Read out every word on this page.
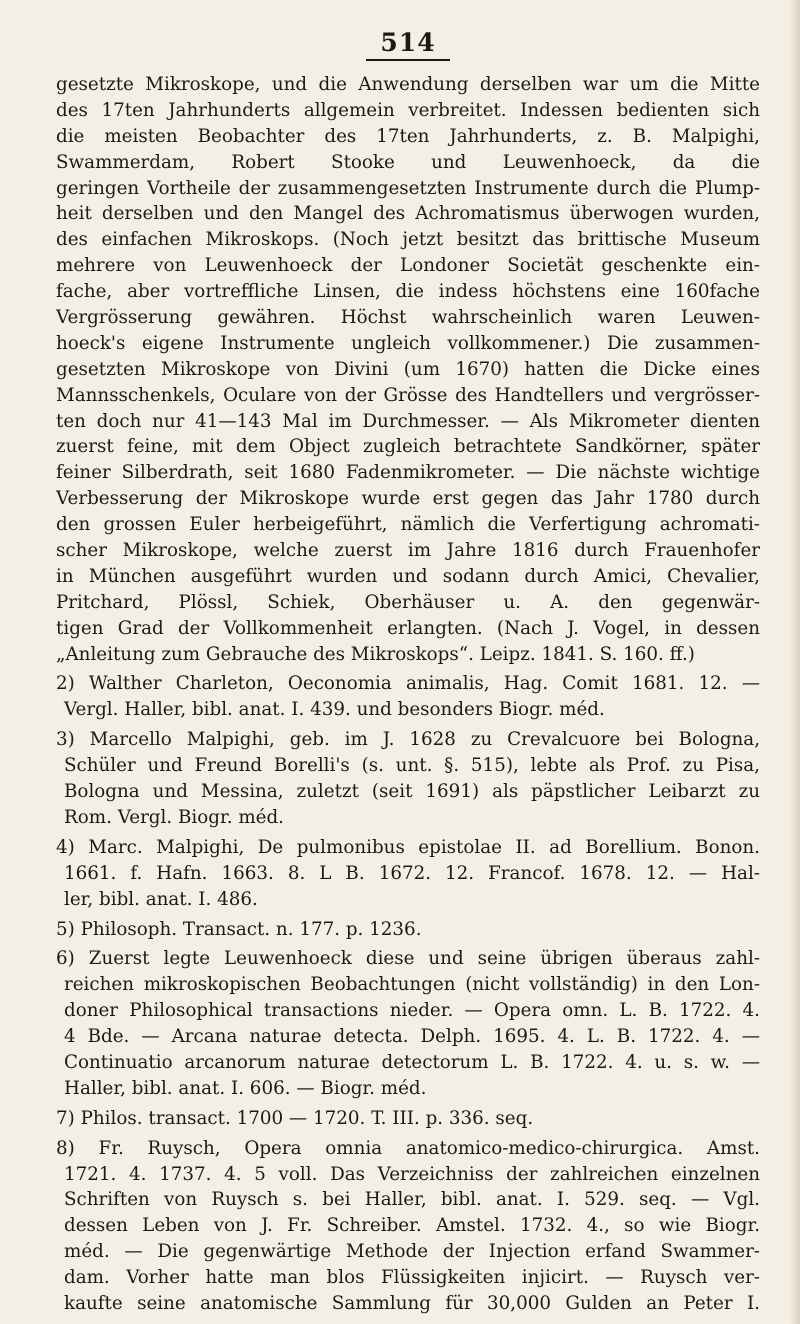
514
gesetzte Mikroskope, und die Anwendung derselben war um die Mitte
des 17ten Jahrhunderts allgemein verbreitet. Indessen bedienten sich
die meisten Beobachter des 17ten Jahrhunderts, z. B. Malpighi,
Swammerdam, Robert Stooke und Leuwenhoeck, da die
geringen Vortheile der zusammengesetzten Instrumente durch die Plump-
heit derselben und den Mangel des Achromatismus überwogen wurden,
des einfachen Mikroskops. (Noch jetzt besitzt das brittische Museum
mehrere von Leuwenhoeck der Londoner Societät geschenkte ein-
fache, aber vortreffliche Linsen, die indess höchstens eine 160fache
Vergrösserung gewähren. Höchst wahrscheinlich waren Leuwen-
hoeck's eigene Instrumente ungleich vollkommener.) Die zusammen-
gesetzten Mikroskope von Divini (um 1670) hatten die Dicke eines
Mannsschenkels, Oculare von der Grösse des Handtellers und vergrösser-
ten doch nur 41—143 Mal im Durchmesser. — Als Mikrometer dienten
zuerst feine, mit dem Object zugleich betrachtete Sandkörner, später
feiner Silberdrath, seit 1680 Fadenmikrometer. — Die nächste wichtige
Verbesserung der Mikroskope wurde erst gegen das Jahr 1780 durch
den grossen Euler herbeigeführt, nämlich die Verfertigung achromati-
scher Mikroskope, welche zuerst im Jahre 1816 durch Frauenhofer
in München ausgeführt wurden und sodann durch Amici, Chevalier,
Pritchard, Plössl, Schiek, Oberhäuser u. A. den gegenwär-
tigen Grad der Vollkommenheit erlangten. (Nach J. Vogel, in dessen
„Anleitung zum Gebrauche des Mikroskops“. Leipz. 1841. S. 160. ff.)
2) Walther Charleton, Oeconomia animalis, Hag. Comit 1681. 12. —
Vergl. Haller, bibl. anat. I. 439. und besonders Biogr. méd.
3) Marcello Malpighi, geb. im J. 1628 zu Crevalcuore bei Bologna,
Schüler und Freund Borelli's (s. unt. §. 515), lebte als Prof. zu Pisa,
Bologna und Messina, zuletzt (seit 1691) als päpstlicher Leibarzt zu
Rom. Vergl. Biogr. méd.
4) Marc. Malpighi, De pulmonibus epistolae II. ad Borellium. Bonon.
1661. f. Hafn. 1663. 8. L B. 1672. 12. Francof. 1678. 12. — Hal-
ler, bibl. anat. I. 486.
5) Philosoph. Transact. n. 177. p. 1236.
6) Zuerst legte Leuwenhoeck diese und seine übrigen überaus zahl-
reichen mikroskopischen Beobachtungen (nicht vollständig) in den Lon-
doner Philosophical transactions nieder. — Opera omn. L. B. 1722. 4.
4 Bde. — Arcana naturae detecta. Delph. 1695. 4. L. B. 1722. 4. —
Continuatio arcanorum naturae detectorum L. B. 1722. 4. u. s. w. —
Haller, bibl. anat. I. 606. — Biogr. méd.
7) Philos. transact. 1700 — 1720. T. III. p. 336. seq.
8) Fr. Ruysch, Opera omnia anatomico-medico-chirurgica. Amst.
1721. 4. 1737. 4. 5 voll. Das Verzeichniss der zahlreichen einzelnen
Schriften von Ruysch s. bei Haller, bibl. anat. I. 529. seq. — Vgl.
dessen Leben von J. Fr. Schreiber. Amstel. 1732. 4., so wie Biogr.
méd. — Die gegenwärtige Methode der Injection erfand Swammer-
dam. Vorher hatte man blos Flüssigkeiten injicirt. — Ruysch ver-
kaufte seine anatomische Sammlung für 30,000 Gulden an Peter I.
